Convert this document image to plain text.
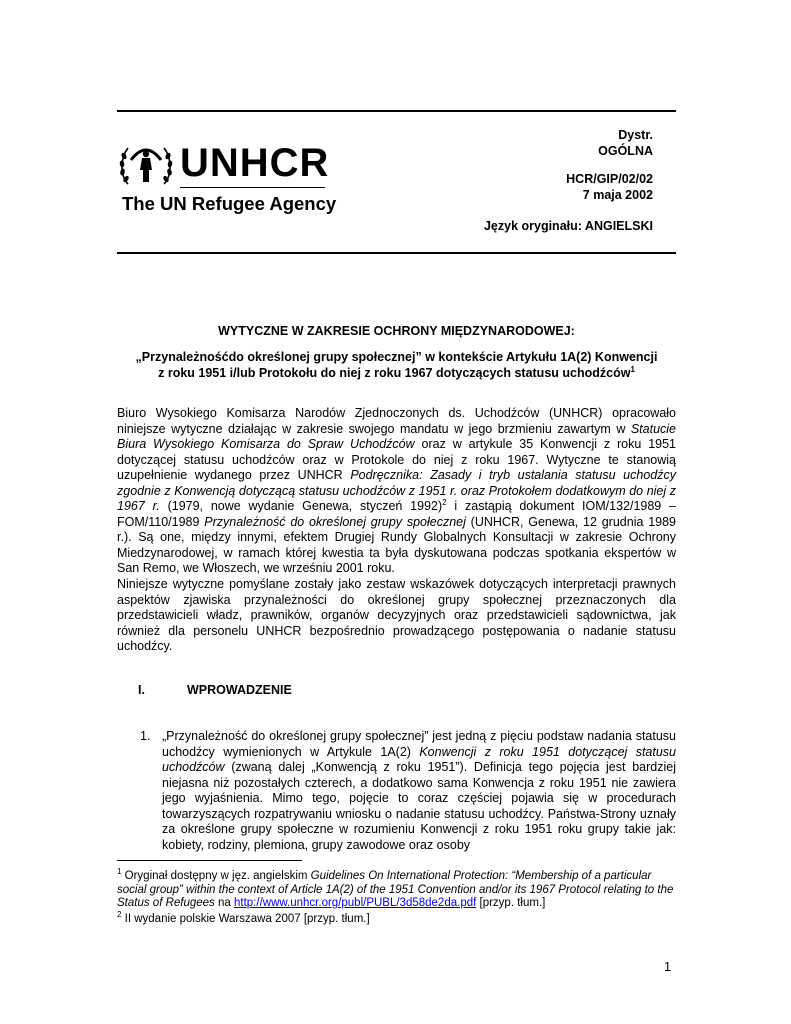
UNHCR
The UN Refugee Agency
Dystr.
OGÓLNA
HCR/GIP/02/02
7 maja 2002
Język oryginału: ANGIELSKI

WYTYCZNE W ZAKRESIE OCHRONY MIĘDZYNARODOWEJ:

„Przynależnośćdo określonej grupy społecznej” w kontekście Artykułu 1A(2) Konwencji

z roku 1951 i/lub Protokołu do niej z roku 1967 dotyczących statusu uchodźców$^1$

Biuro Wysokiego Komisarza Narodów Zjednoczonych ds. Uchodźców (UNHCR) opracowało niniejsze wytyczne działając w zakresie swojego mandatu w jego brzmieniu zawartym w Statucie Biura Wysokiego Komisarza do Spraw Uchodźców oraz w artykule 35 Konwencji z roku 1951 dotyczącej statusu uchodźców oraz w Protokole do niej z roku 1967. Wytyczne te stanowią uzupełnienie wydanego przez UNHCR Podręcznika: Zasady i tryb ustalania statusu uchodźcy zgodnie z Konwencją dotyczącą statusu uchodźców z 1951 r. oraz Protokołem dodatkowym do niej z 1967 r. (1979, nowe wydanie Genewa, styczeń 1992)$^2$ i zastąpią dokument IOM/132/1989 – FOM/110/1989 Przynależność do określonej grupy społecznej (UNHCR, Genewa, 12 grudnia 1989 r.). Są one, między innymi, efektem Drugiej Rundy Globalnych Konsultacji w zakresie Ochrony Miedzynarodowej, w ramach której kwestia ta była dyskutowana podczas spotkania ekspertów w San Remo, we Włoszech, we wrześniu 2001 roku.

Niniejsze wytyczne pomyślane zostały jako zestaw wskazówek dotyczących interpretacji prawnych aspektów zjawiska przynależności do określonej grupy społecznej przeznaczonych dla przedstawicieli władz, prawników, organów decyzyjnych oraz przedstawicieli sądownictwa, jak również dla personelu UNHCR bezpośrednio prowadzącego postępowania o nadanie statusu uchodźcy.

I.	WPROWADZENIE
1. „Przynależność do określonej grupy społecznej” jest jedną z pięciu podstaw nadania statusu uchodźcy wymienionych w Artykule 1A(2) Konwencji z roku 1951 dotyczącej statusu uchodźców (zwaną dalej „Konwencją z roku 1951”). Definicja tego pojęcia jest bardziej niejasna niż pozostałych czterech, a dodatkowo sama Konwencja z roku 1951 nie zawiera jego wyjaśnienia. Mimo tego, pojęcie to coraz częściej pojawia się w procedurach towarzyszących rozpatrywaniu wniosku o nadanie statusu uchodźcy. Państwa-Strony uznały za określone grupy społeczne w rozumieniu Konwencji z roku 1951 roku grupy takie jak: kobiety, rodziny, plemiona, grupy zawodowe oraz osoby

$^1$ Oryginał dostępny w jęz. angielskim Guidelines On International Protection: “Membership of a particular social group” within the context of Article 1A(2) of the 1951 Convention and/or its 1967 Protocol relating to the Status of Refugees na http://www.unhcr.org/publ/PUBL/3d58de2da.pdf [przyp. tłum.]

$^2$ II wydanie polskie Warszawa 2007 [przyp. tłum.]

1
